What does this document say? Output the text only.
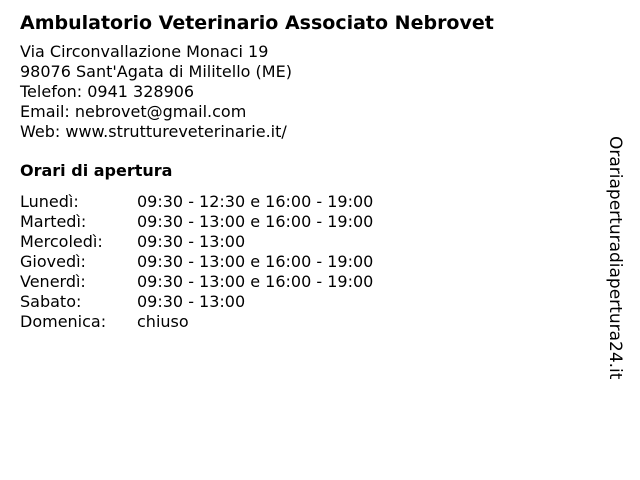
Ambulatorio Veterinario Associato Nebrovet
Via Circonvallazione Monaci 19
98076 Sant'Agata di Militello (ME)
Telefon: 0941 328906
Email: nebrovet@gmail.com
Web: www.struttureveterinarie.it/
Orari di apertura
Lunedì:	09:30 - 12:30 e 16:00 - 19:00
Martedì:	09:30 - 13:00 e 16:00 - 19:00
Mercoledì:	09:30 - 13:00
Giovedì:	09:30 - 13:00 e 16:00 - 19:00
Venerdì:	09:30 - 13:00 e 16:00 - 19:00
Sabato:	09:30 - 13:00
Domenica:	chiuso	Orariaperturadiapertura24.it
